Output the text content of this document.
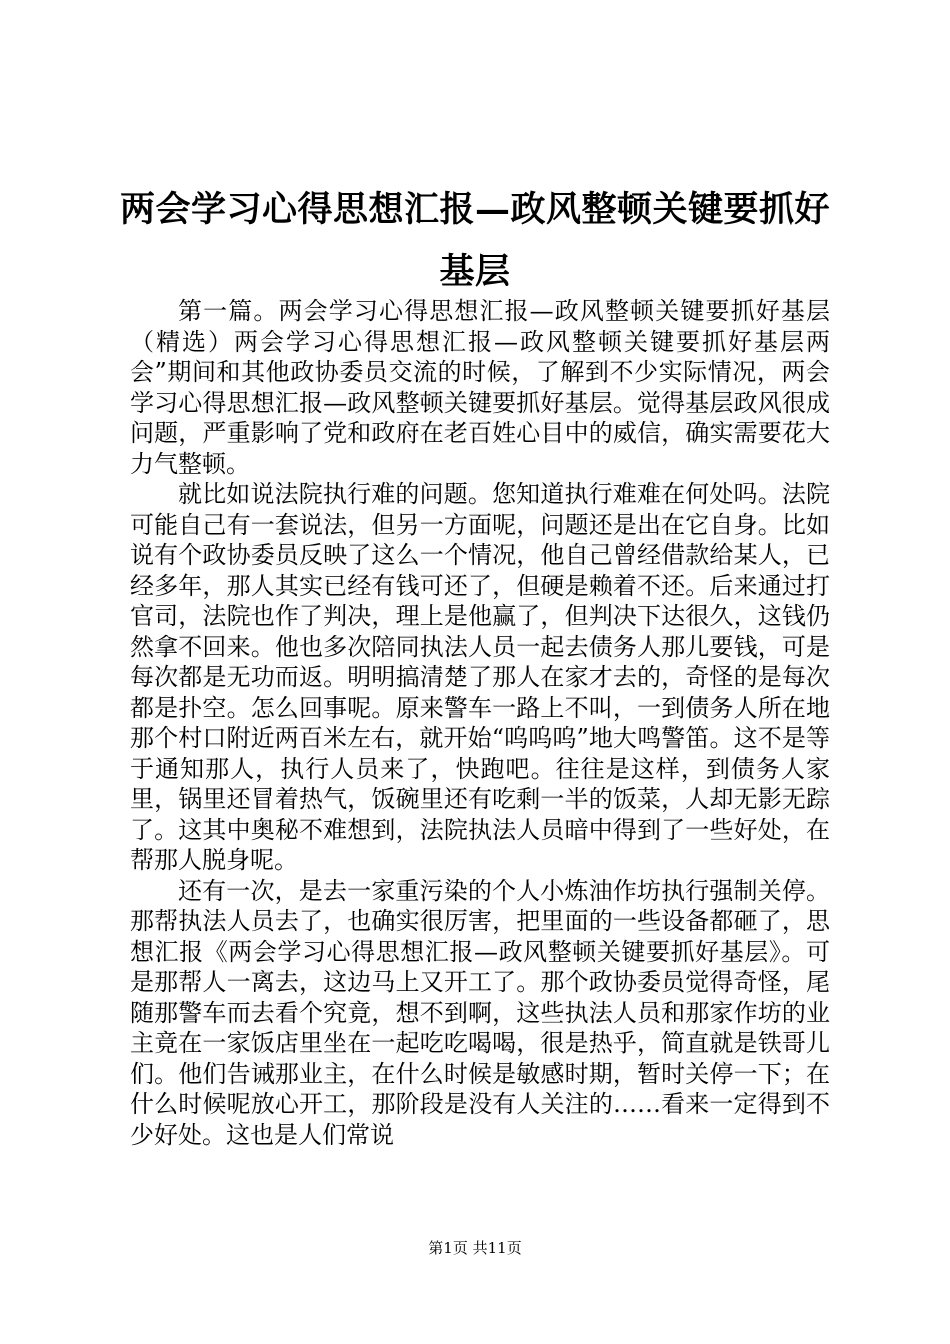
两会学习心得思想汇报—政风整顿关键要抓好基层

第一篇。两会学习心得思想汇报—政风整顿关键要抓好基层（精选）两会学习心得思想汇报—政风整顿关键要抓好基层两会”期间和其他政协委员交流的时候，了解到不少实际情况，两会学习心得思想汇报—政风整顿关键要抓好基层。觉得基层政风很成问题，严重影响了党和政府在老百姓心目中的威信，确实需要花大力气整顿。

就比如说法院执行难的问题。您知道执行难难在何处吗。法院可能自己有一套说法，但另一方面呢，问题还是出在它自身。比如说有个政协委员反映了这么一个情况，他自己曾经借款给某人，已经多年，那人其实已经有钱可还了，但硬是赖着不还。后来通过打官司，法院也作了判决，理上是他赢了，但判决下达很久，这钱仍然拿不回来。他也多次陪同执法人员一起去债务人那儿要钱，可是每次都是无功而返。明明搞清楚了那人在家才去的，奇怪的是每次都是扑空。怎么回事呢。原来警车一路上不叫，一到债务人所在地那个村口附近两百米左右，就开始“呜呜呜”地大鸣警笛。这不是等于通知那人，执行人员来了，快跑吧。往往是这样，到债务人家里，锅里还冒着热气，饭碗里还有吃剩一半的饭菜，人却无影无踪了。这其中奥秘不难想到，法院执法人员暗中得到了一些好处，在帮那人脱身呢。

还有一次，是去一家重污染的个人小炼油作坊执行强制关停。那帮执法人员去了，也确实很厉害，把里面的一些设备都砸了，思想汇报《两会学习心得思想汇报—政风整顿关键要抓好基层》。可是那帮人一离去，这边马上又开工了。那个政协委员觉得奇怪，尾随那警车而去看个究竟，想不到啊，这些执法人员和那家作坊的业主竟在一家饭店里坐在一起吃吃喝喝，很是热乎，简直就是铁哥儿们。他们告诫那业主，在什么时候是敏感时期，暂时关停一下；在什么时候呢放心开工，那阶段是没有人关注的……看来一定得到不少好处。这也是人们常说

第1页 共11页
